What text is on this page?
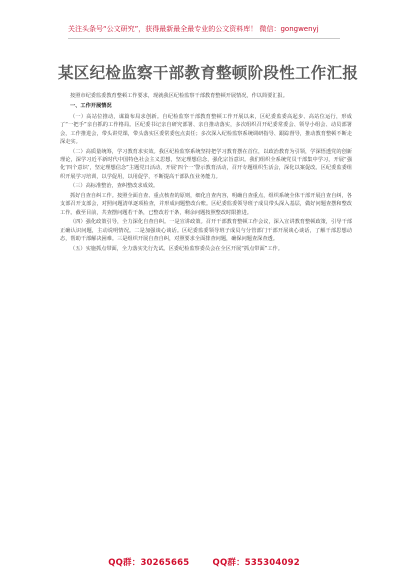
关注头条号“公文研究”，获得最新最全最专业的公文资料库！ 微信：gongwenyj
某区纪检监察干部教育整顿阶段性工作汇报
按照市纪委监委教育整顿工作要求，现就我区纪检监察干部教育整顿开展情况，作以简要汇报。
一、工作开展情况
（一）高站位推动，谋篇布局求创新。自纪检监察干部教育整顿工作开展以来，区纪委监委高起步、高站位运行，形成了“一把手”亲自抓的工作格局。区纪委书记亲自研究部署、亲自推动落实，多次组织召开纪委常委会、领导小组会、动员部署会，工作推进会，带头讲党课，带头落实区委常委包点责任；多次深入纪检监察系统调研指导、跟踪督导，推动教育整顿不断走深走实。
（二）高质量统筹，学习教育求实效。我区纪检监察系统坚持把学习教育摆在首位，以政治教育为引领，学深悟透党的创新理论，深学习近平新时代中国特色社会主义思想，坚定理想信念，强化宗旨意识。我们组织全系统党员干部集中学习，开展“强化‘四个意识’，坚定理想信念”主题党日活动，开展‘四个一’警示教育活动，召开专题组织生活会，深化以案促改。区纪委监委组织开展学习培训，以学促用，以用促学，不断提高干部队伍业务能力。
（三）高标准整治，查纠整改求成效。
抓好自查自纠工作。按照全面自查、重点核查的原则，细化自查内容，明确自查重点，组织系统全体干部开展自查自纠，各支部召开支部会，对照问题清单逐项检查，并形成问题整改台账。区纪委监委领导班子成员带头深入基层，做好问题查摆和整改工作。截至目前，共查摆问题若干条，已整改若干条，剩余问题按照整改时限推进。
（四）强化政策引导，全力深化自查自纠。一是宣讲政策。召开干部教育整顿工作会议，深入宣讲教育整顿政策，引导干部正确认识问题，主动说明情况。二是加强谈心谈话。区纪委监委领导班子成员与分管部门干部开展谈心谈话，了解干部思想动态，帮助干部解决困难。三是组织开展自查自纠，对照要求全面排查问题，确保问题查深查透。
（五）实施抓点带面，全力落实先行先试。区委纪检监察委员会在全区开展“抓点带面”工作。
QQ群：30265665	QQ群：535304092
